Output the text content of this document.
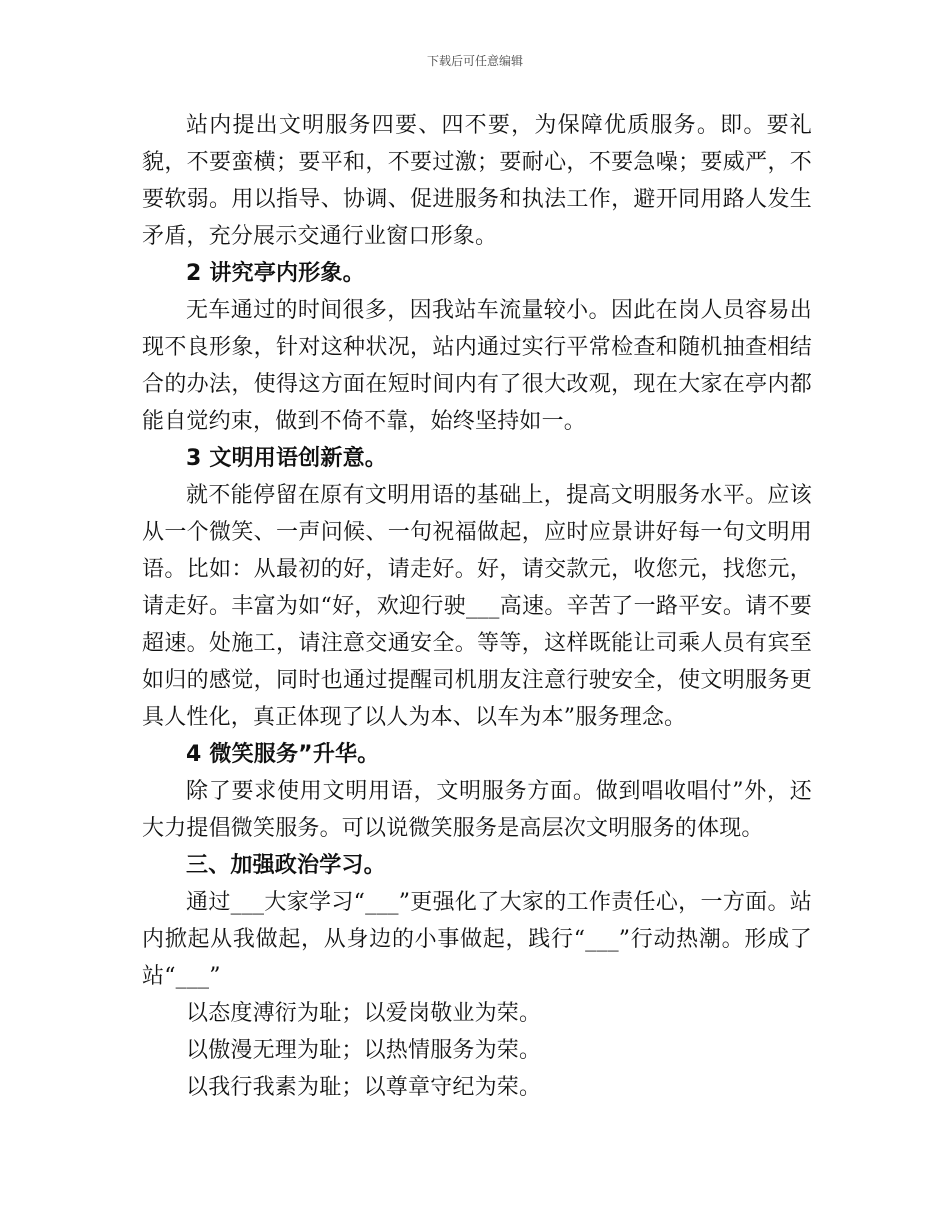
下载后可任意编辑

站内提出文明服务四要、四不要，为保障优质服务。即。要礼貌，不要蛮横；要平和，不要过激；要耐心，不要急噪；要威严，不要软弱。用以指导、协调、促进服务和执法工作，避开同用路人发生矛盾，充分展示交通行业窗口形象。

2 讲究亭内形象。

无车通过的时间很多，因我站车流量较小。因此在岗人员容易出现不良形象，针对这种状况，站内通过实行平常检查和随机抽查相结合的办法，使得这方面在短时间内有了很大改观，现在大家在亭内都能自觉约束，做到不倚不靠，始终坚持如一。

3 文明用语创新意。

就不能停留在原有文明用语的基础上，提高文明服务水平。应该从一个微笑、一声问候、一句祝福做起，应时应景讲好每一句文明用语。比如：从最初的好，请走好。好，请交款元，收您元，找您元，请走好。丰富为如“好，欢迎行驶___高速。辛苦了一路平安。请不要超速。处施工，请注意交通安全。等等，这样既能让司乘人员有宾至如归的感觉，同时也通过提醒司机朋友注意行驶安全，使文明服务更具人性化，真正体现了以人为本、以车为本”服务理念。

4 微笑服务”升华。

除了要求使用文明用语，文明服务方面。做到唱收唱付”外，还大力提倡微笑服务。可以说微笑服务是高层次文明服务的体现。

三、加强政治学习。

通过___大家学习“___”更强化了大家的工作责任心，一方面。站内掀起从我做起，从身边的小事做起，践行“___”行动热潮。形成了站“___”

以态度溥衍为耻；以爱岗敬业为荣。

以傲漫无理为耻；以热情服务为荣。

以我行我素为耻；以尊章守纪为荣。
